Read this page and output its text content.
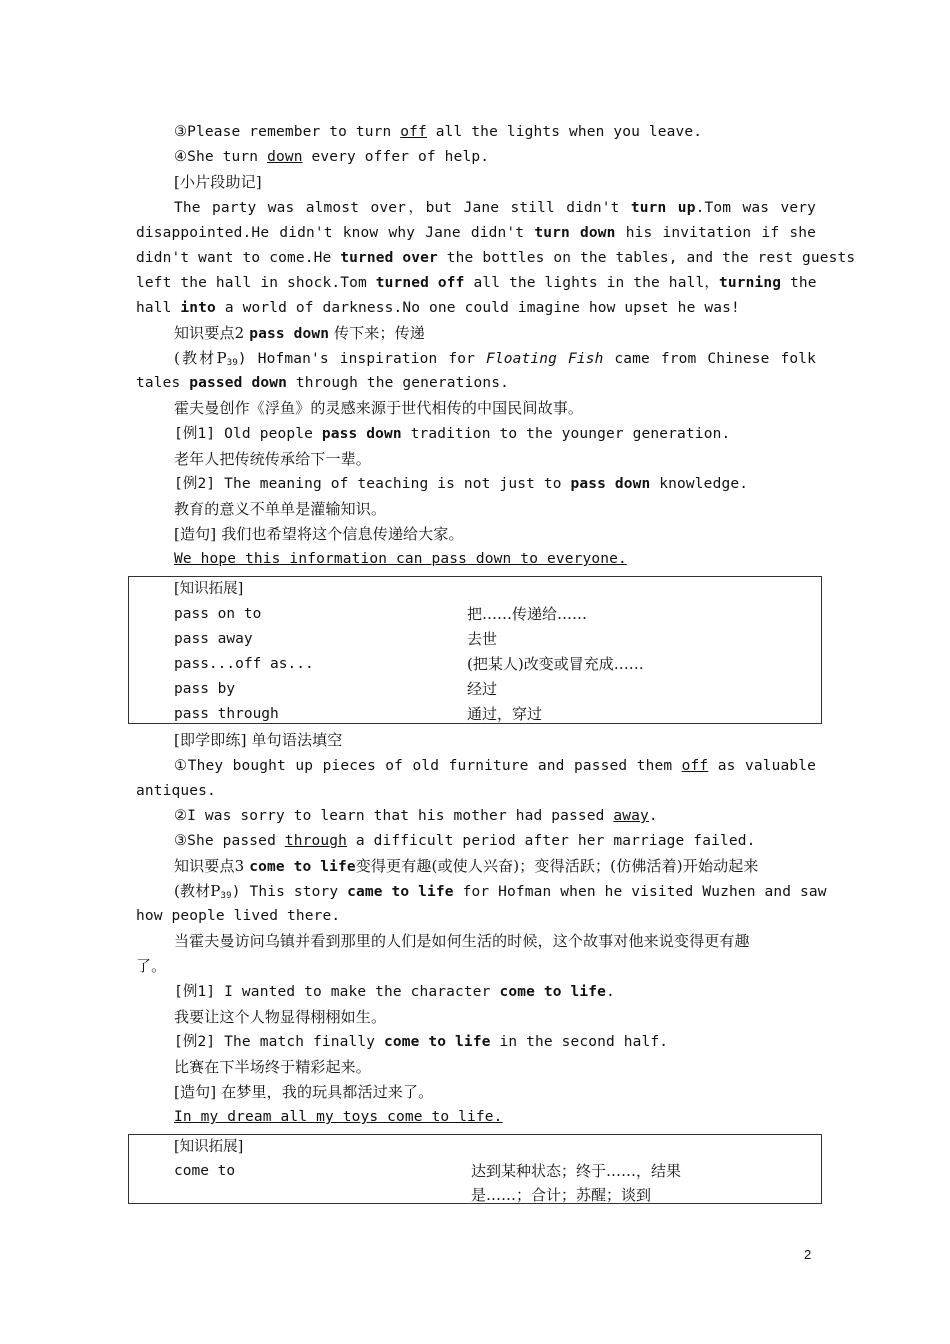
③Please remember to turn off all the lights when you leave.
④She turn down every offer of help.
[小片段助记]
The party was almost over，but Jane still didn't turn up.Tom was very
disappointed.He didn't know why Jane didn't turn down his invitation if she
didn't want to come.He turned over the bottles on the tables, and the rest guests
left the hall in shock.Tom turned off all the lights in the hall，turning the
hall into a world of darkness.No one could imagine how upset he was!
知识要点2 pass down 传下来；传递
(教材$P_{39}$) Hofman's inspiration for Floating Fish came from Chinese folk
tales passed down through the generations.
霍夫曼创作《浮鱼》的灵感来源于世代相传的中国民间故事。
[例1] Old people pass down tradition to the younger generation.
老年人把传统传承给下一辈。
[例2] The meaning of teaching is not just to pass down knowledge.
教育的意义不单单是灌输知识。
[造句] 我们也希望将这个信息传递给大家。
We hope this information can pass down to everyone.
[知识拓展]
pass on to	把……传递给……
pass away	去世
pass...off as...	(把某人)改变或冒充成……
pass by	经过
pass through	通过，穿过
[即学即练] 单句语法填空
①They bought up pieces of old furniture and passed them off as valuable
antiques.
②I was sorry to learn that his mother had passed away.
③She passed through a difficult period after her marriage failed.
知识要点3 come to life变得更有趣(或使人兴奋)；变得活跃；(仿佛活着)开始动起来
(教材$P_{39}$) This story came to life for Hofman when he visited Wuzhen and saw
how people lived there.
当霍夫曼访问乌镇并看到那里的人们是如何生活的时候，这个故事对他来说变得更有趣
了。
[例1] I wanted to make the character come to life.
我要让这个人物显得栩栩如生。
[例2] The match finally come to life in the second half.
比赛在下半场终于精彩起来。
[造句] 在梦里，我的玩具都活过来了。
In my dream all my toys come to life.
[知识拓展]
come to	达到某种状态；终于……，结果
是……；合计；苏醒；谈到
2
